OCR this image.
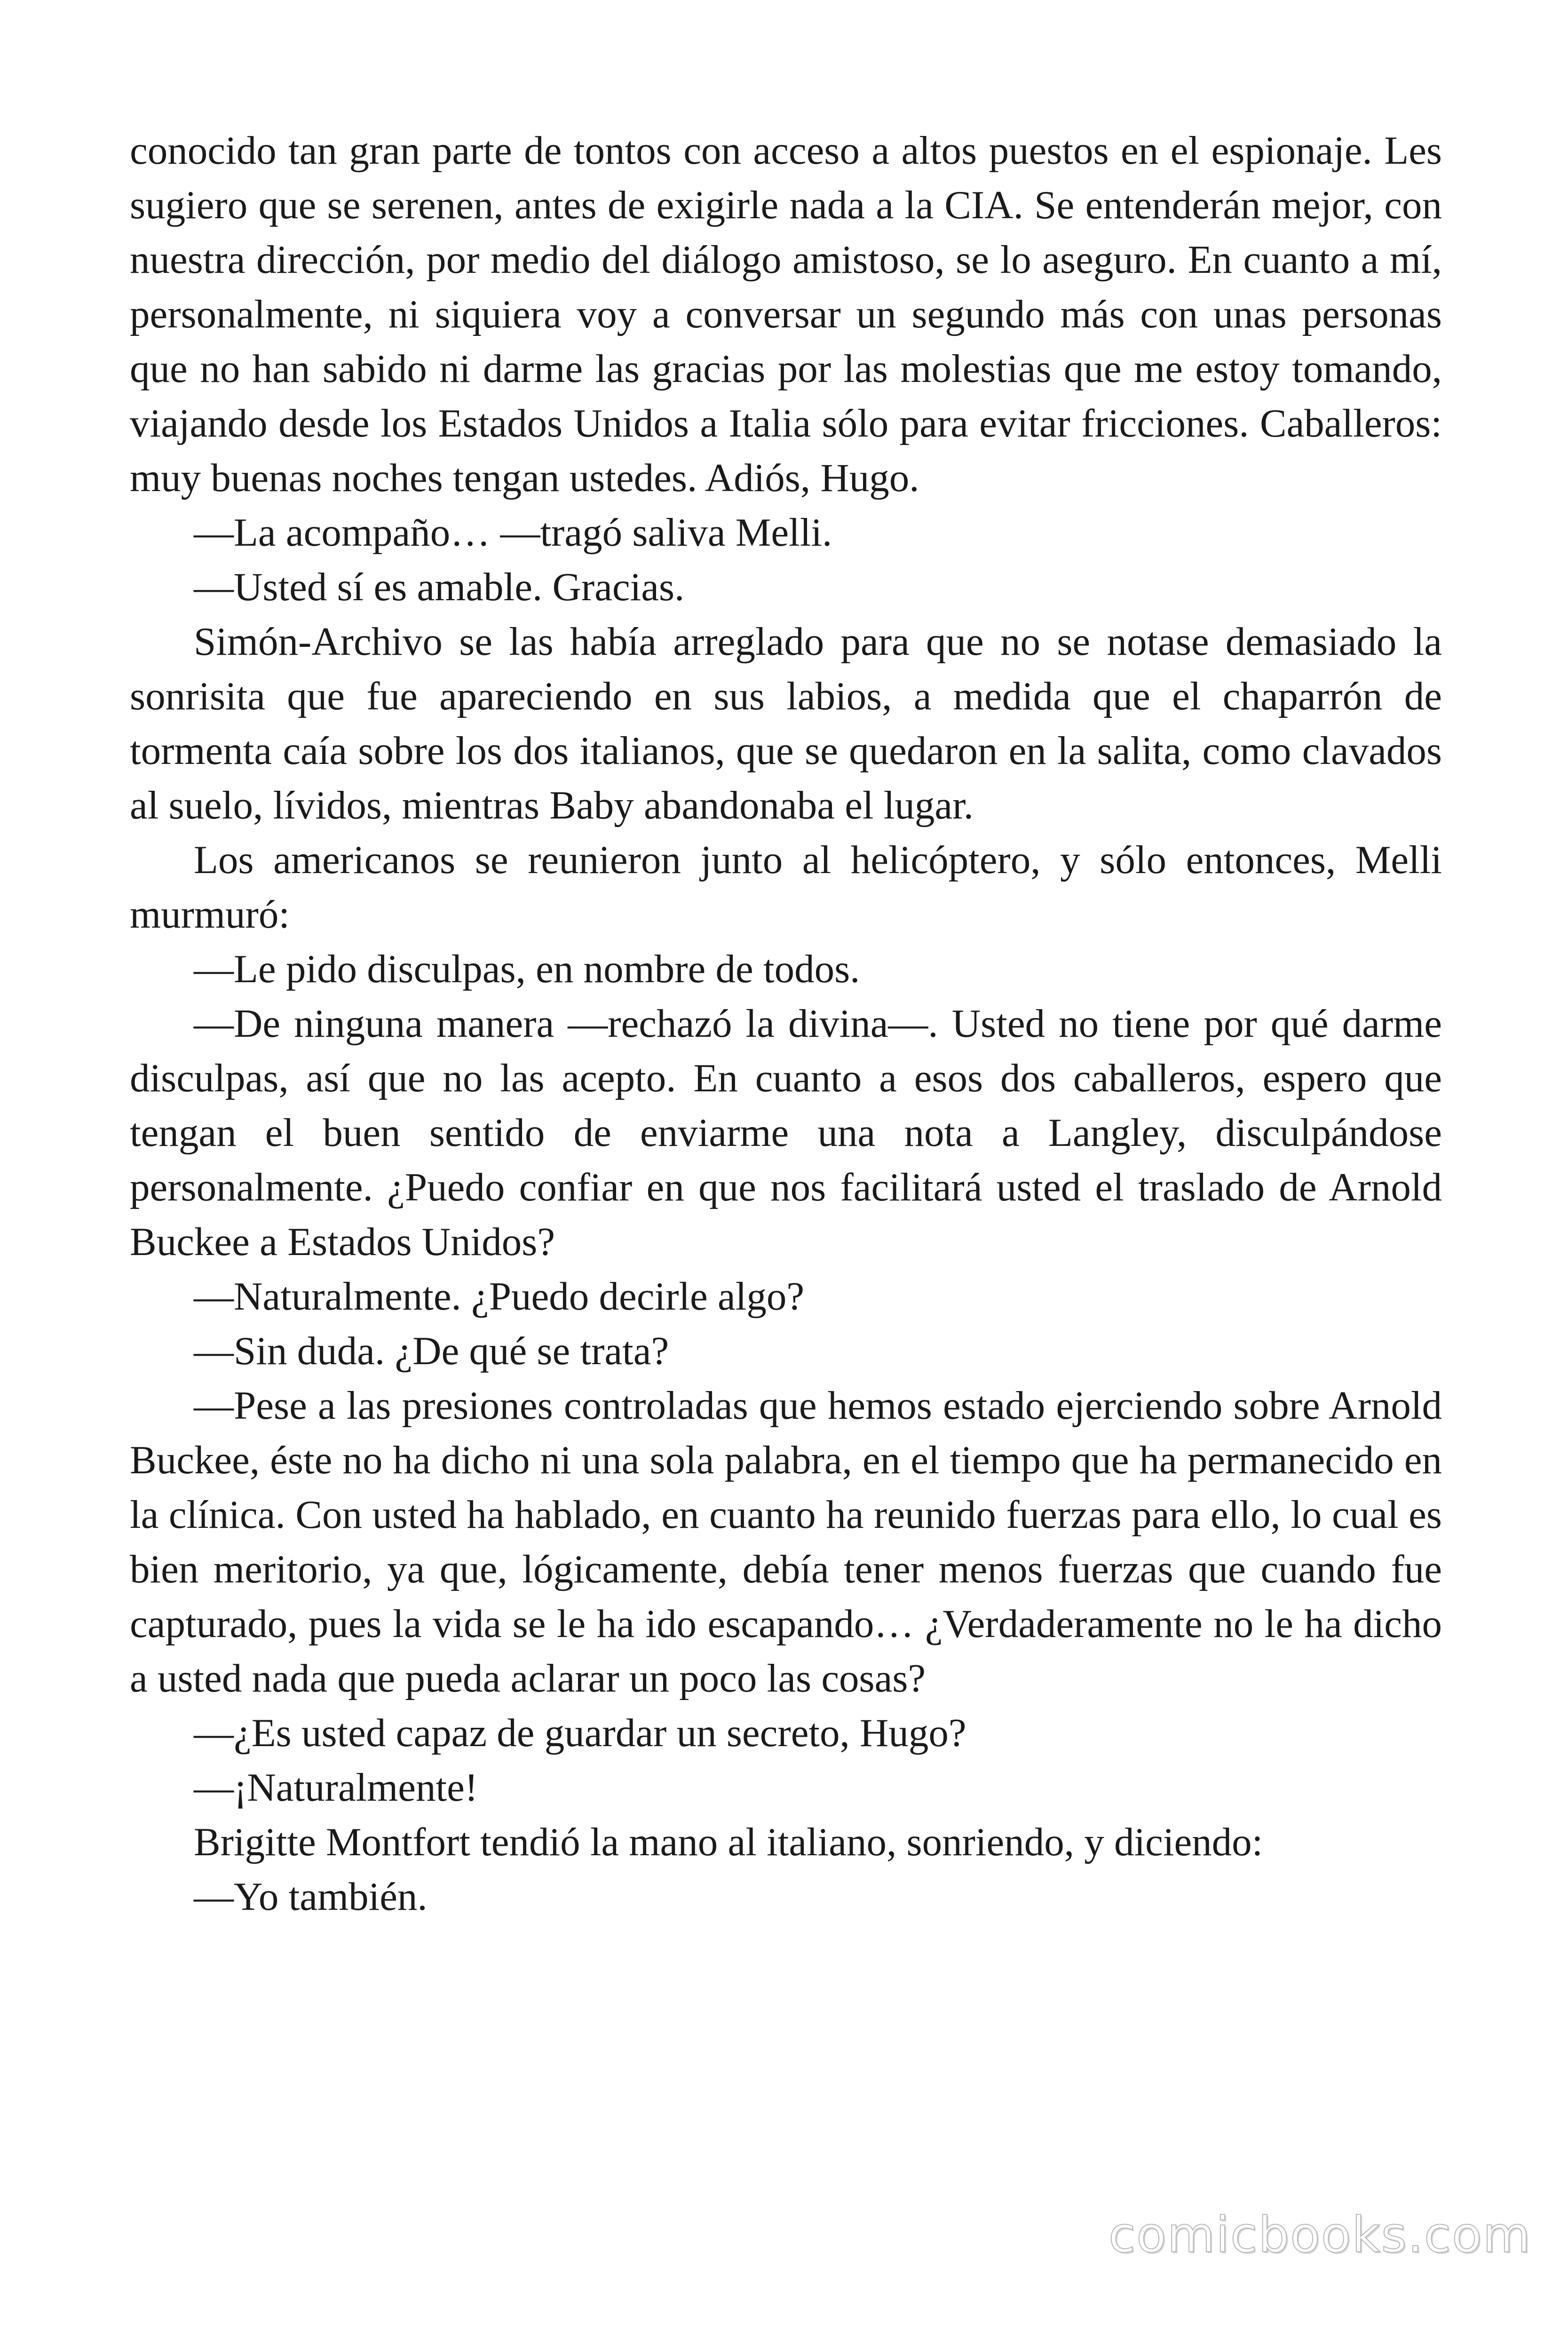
conocido tan gran parte de tontos con acceso a altos puestos en el espionaje. Les sugiero que se serenen, antes de exigirle nada a la CIA. Se entenderán mejor, con nuestra dirección, por medio del diálogo amistoso, se lo aseguro. En cuanto a mí, personalmente, ni siquiera voy a conversar un segundo más con unas personas que no han sabido ni darme las gracias por las molestias que me estoy tomando, viajando desde los Estados Unidos a Italia sólo para evitar fricciones. Caballeros: muy buenas noches tengan ustedes. Adiós, Hugo.

—La acompaño… —tragó saliva Melli.

—Usted sí es amable. Gracias.

Simón-Archivo se las había arreglado para que no se notase demasiado la sonrisita que fue apareciendo en sus labios, a medida que el chaparrón de tormenta caía sobre los dos italianos, que se quedaron en la salita, como clavados al suelo, lívidos, mientras Baby abandonaba el lugar.

Los americanos se reunieron junto al helicóptero, y sólo entonces, Melli murmuró:

—Le pido disculpas, en nombre de todos.

—De ninguna manera —rechazó la divina—. Usted no tiene por qué darme disculpas, así que no las acepto. En cuanto a esos dos caballeros, espero que tengan el buen sentido de enviarme una nota a Langley, disculpándose personalmente. ¿Puedo confiar en que nos facilitará usted el traslado de Arnold Buckee a Estados Unidos?

—Naturalmente. ¿Puedo decirle algo?

—Sin duda. ¿De qué se trata?

—Pese a las presiones controladas que hemos estado ejerciendo sobre Arnold Buckee, éste no ha dicho ni una sola palabra, en el tiempo que ha permanecido en la clínica. Con usted ha hablado, en cuanto ha reunido fuerzas para ello, lo cual es bien meritorio, ya que, lógicamente, debía tener menos fuerzas que cuando fue capturado, pues la vida se le ha ido escapando… ¿Verdaderamente no le ha dicho a usted nada que pueda aclarar un poco las cosas?

—¿Es usted capaz de guardar un secreto, Hugo?

—¡Naturalmente!

Brigitte Montfort tendió la mano al italiano, sonriendo, y diciendo:

—Yo también.

comicbooks.com
